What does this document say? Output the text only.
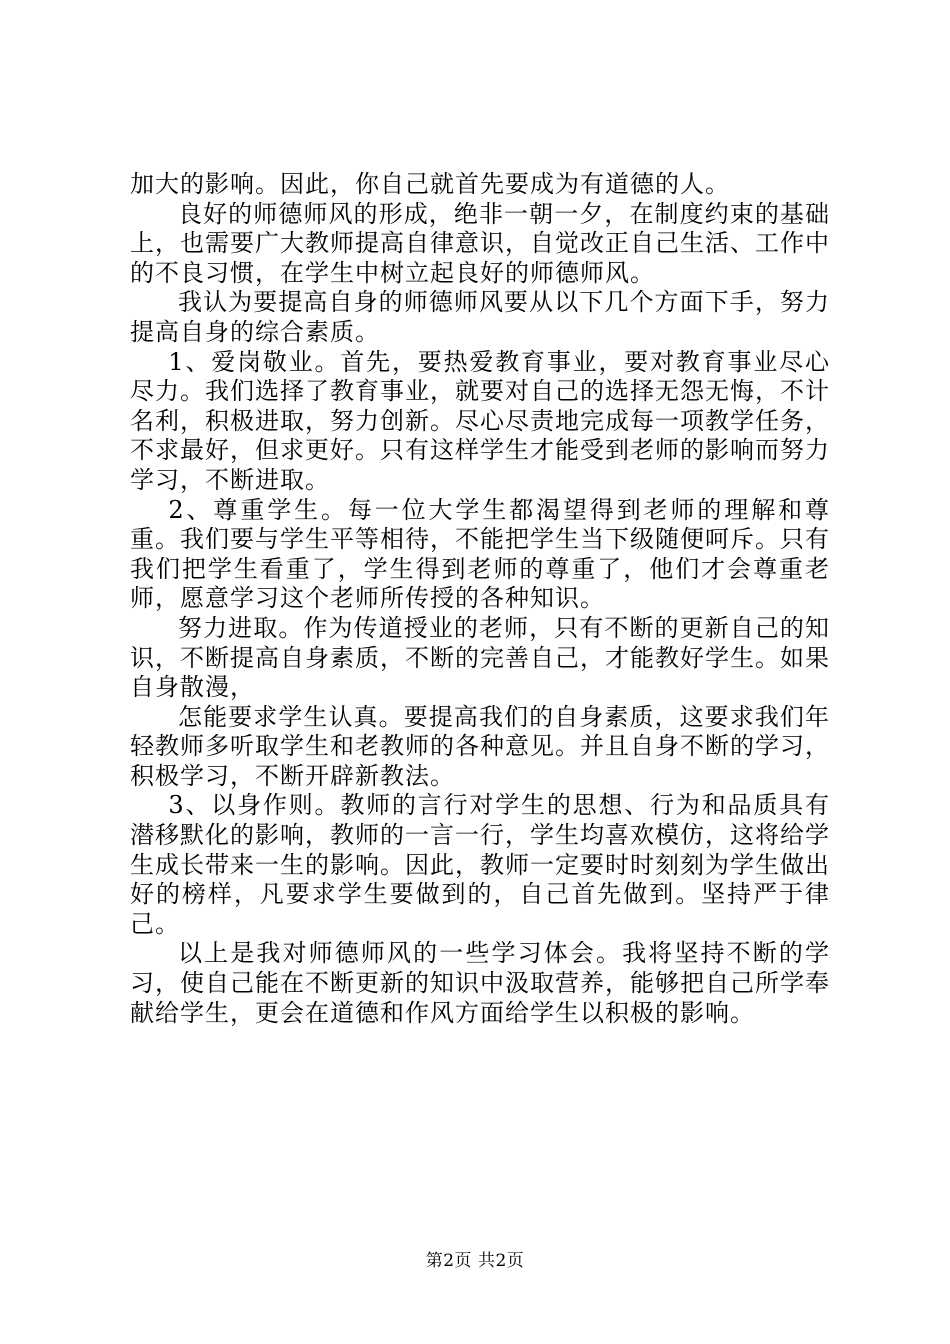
加大的影响。因此，你自己就首先要成为有道德的人。

良好的师德师风的形成，绝非一朝一夕，在制度约束的基础上，也需要广大教师提高自律意识，自觉改正自己生活、工作中的不良习惯，在学生中树立起良好的师德师风。

我认为要提高自身的师德师风要从以下几个方面下手，努力提高自身的综合素质。

1、爱岗敬业。首先，要热爱教育事业，要对教育事业尽心尽力。我们选择了教育事业，就要对自己的选择无怨无悔，不计名利，积极进取，努力创新。尽心尽责地完成每一项教学任务，不求最好，但求更好。只有这样学生才能受到老师的影响而努力学习，不断进取。

2、尊重学生。每一位大学生都渴望得到老师的理解和尊重。我们要与学生平等相待，不能把学生当下级随便呵斥。只有我们把学生看重了，学生得到老师的尊重了，他们才会尊重老师，愿意学习这个老师所传授的各种知识。

努力进取。作为传道授业的老师，只有不断的更新自己的知识，不断提高自身素质，不断的完善自己，才能教好学生。如果自身散漫，

怎能要求学生认真。要提高我们的自身素质，这要求我们年轻教师多听取学生和老教师的各种意见。并且自身不断的学习，积极学习，不断开辟新教法。

3、以身作则。教师的言行对学生的思想、行为和品质具有潜移默化的影响，教师的一言一行，学生均喜欢模仿，这将给学生成长带来一生的影响。因此，教师一定要时时刻刻为学生做出好的榜样，凡要求学生要做到的，自己首先做到。坚持严于律己。

以上是我对师德师风的一些学习体会。我将坚持不断的学习，使自己能在不断更新的知识中汲取营养，能够把自己所学奉献给学生，更会在道德和作风方面给学生以积极的影响。

第2页 共2页
